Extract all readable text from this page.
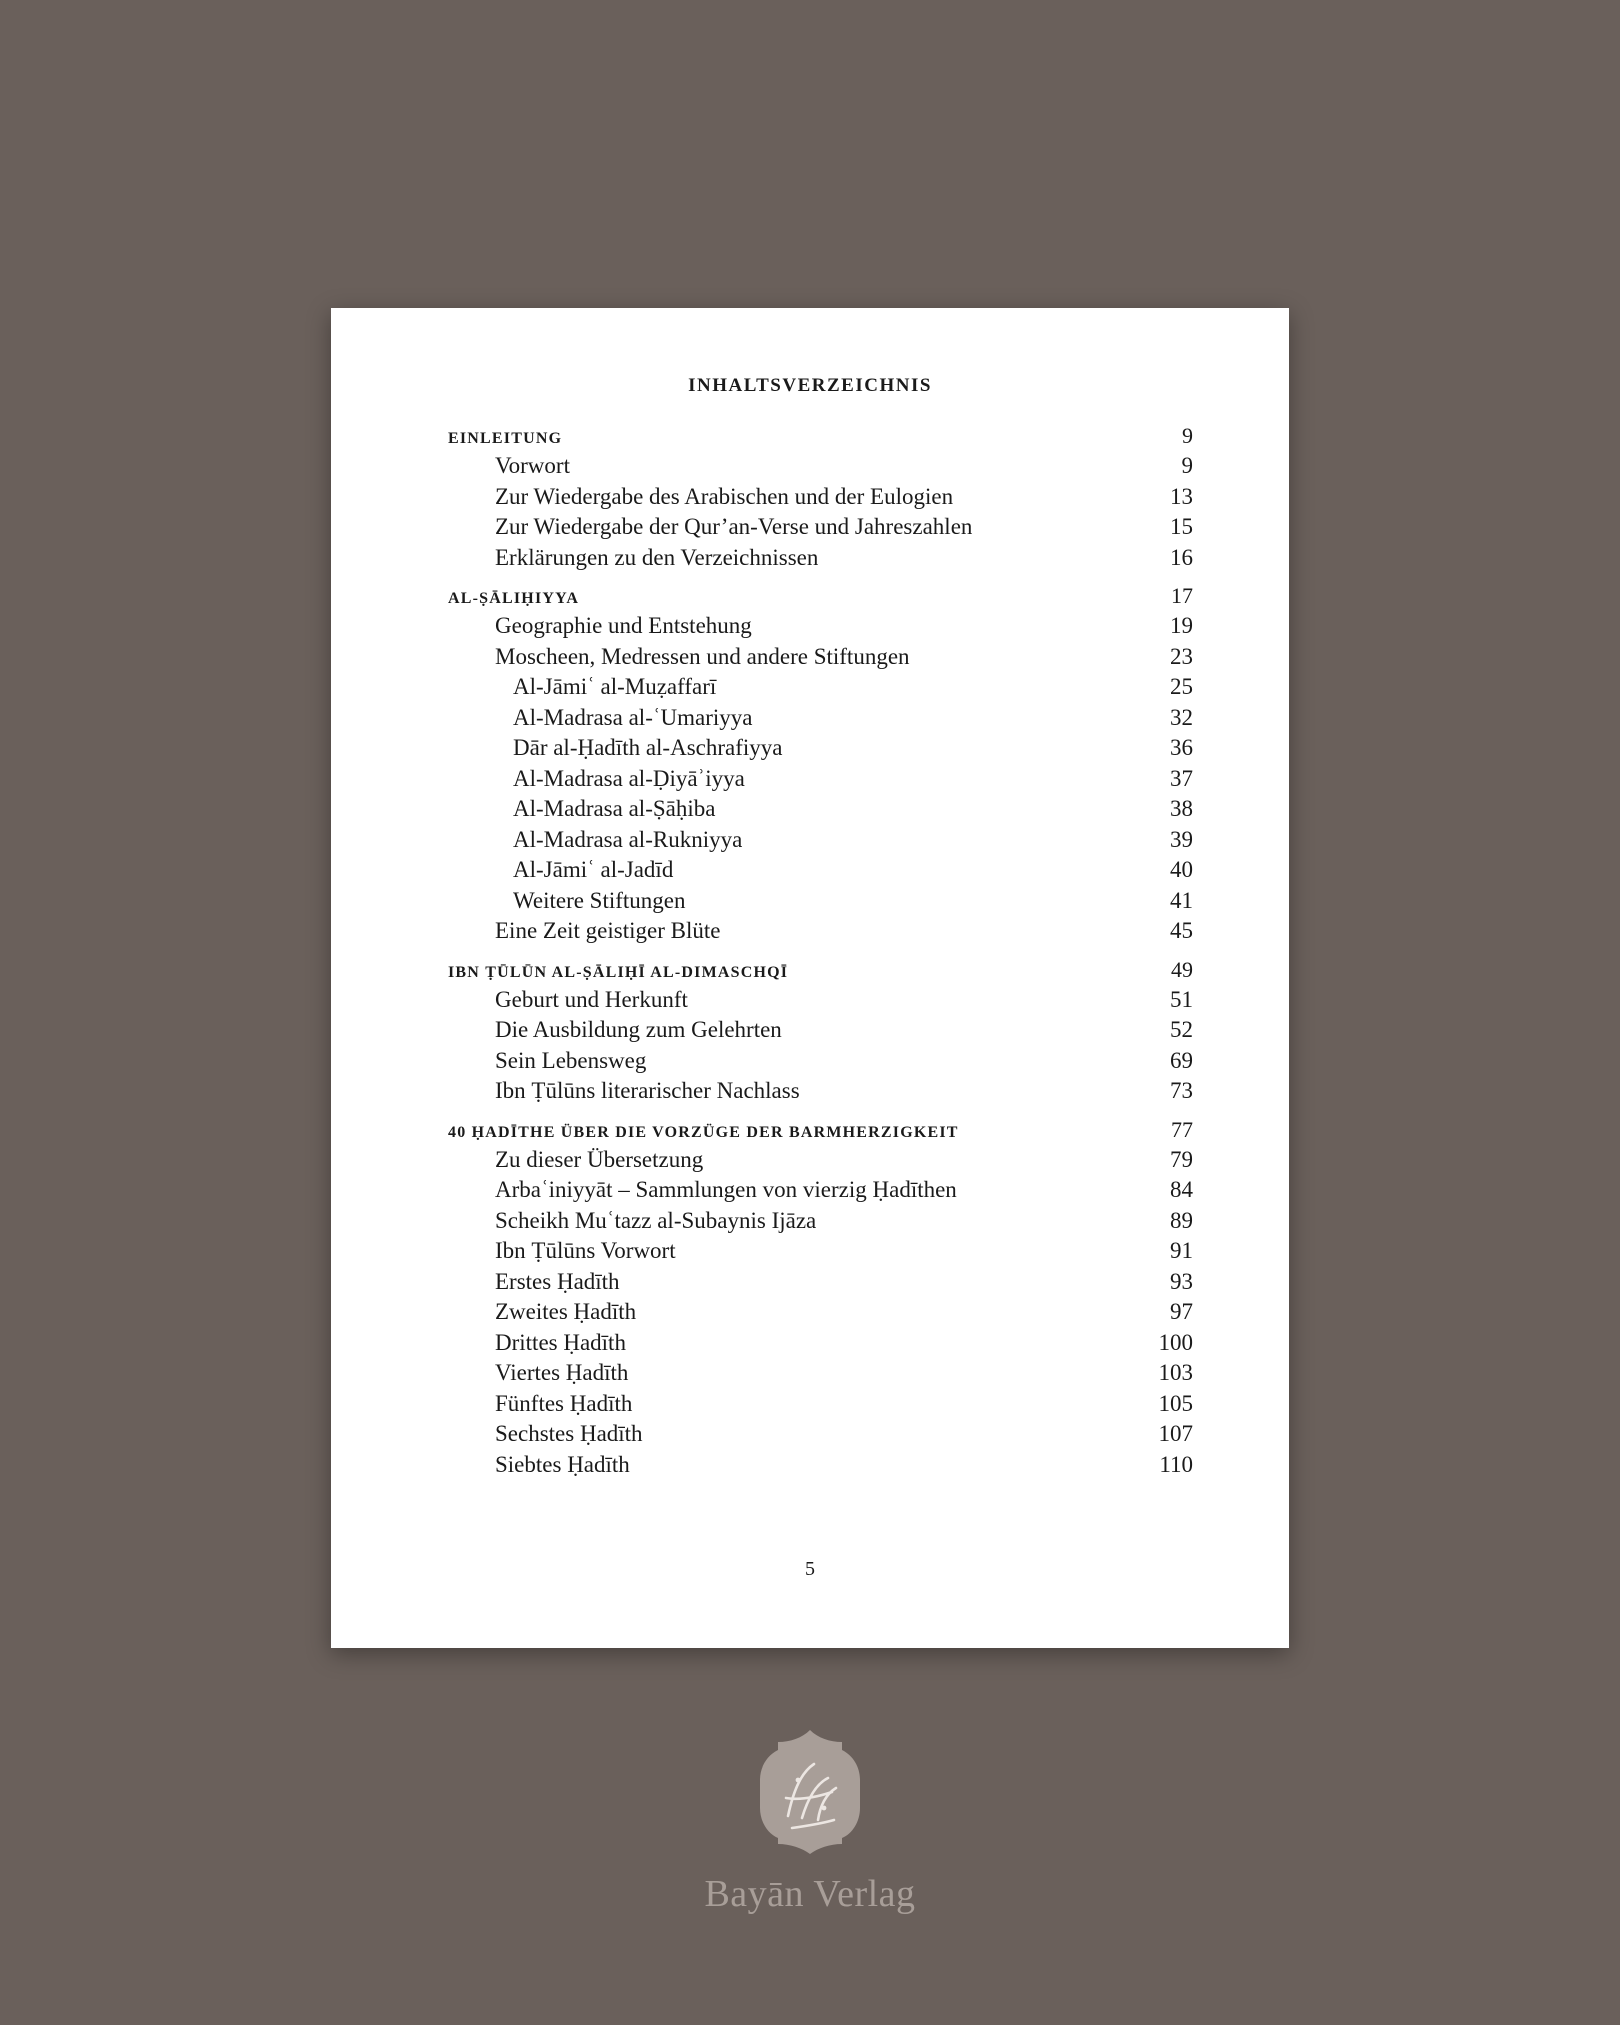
INHALTSVERZEICHNIS
EINLEITUNG	9
Vorwort	9
Zur Wiedergabe des Arabischen und der Eulogien	13
Zur Wiedergabe der Qur’an-Verse und Jahreszahlen	15
Erklärungen zu den Verzeichnissen	16
AL-ṢĀLIḤIYYA	17
Geographie und Entstehung	19
Moscheen, Medressen und andere Stiftungen	23
Al-Jāmiʿ al-Muẓaffarī	25
Al-Madrasa al-ʿUmariyya	32
Dār al-Ḥadīth al-Aschrafiyya	36
Al-Madrasa al-Ḍiyāʾiyya	37
Al-Madrasa al-Ṣāḥiba	38
Al-Madrasa al-Rukniyya	39
Al-Jāmiʿ al-Jadīd	40
Weitere Stiftungen	41
Eine Zeit geistiger Blüte	45
IBN ṬŪLŪN AL-ṢĀLIḤĪ AL-DIMASCHQĪ	49
Geburt und Herkunft	51
Die Ausbildung zum Gelehrten	52
Sein Lebensweg	69
Ibn Ṭūlūns literarischer Nachlass	73
40 ḤADĪTHE ÜBER DIE VORZÜGE DER BARMHERZIGKEIT	77
Zu dieser Übersetzung	79
Arbaʿiniyyāt – Sammlungen von vierzig Ḥadīthen	84
Scheikh Muʿtazz al-Subaynis Ijāza	89
Ibn Ṭūlūns Vorwort	91
Erstes Ḥadīth	93
Zweites Ḥadīth	97
Drittes Ḥadīth	100
Viertes Ḥadīth	103
Fünftes Ḥadīth	105
Sechstes Ḥadīth	107
Siebtes Ḥadīth	110
5
Bayān Verlag
